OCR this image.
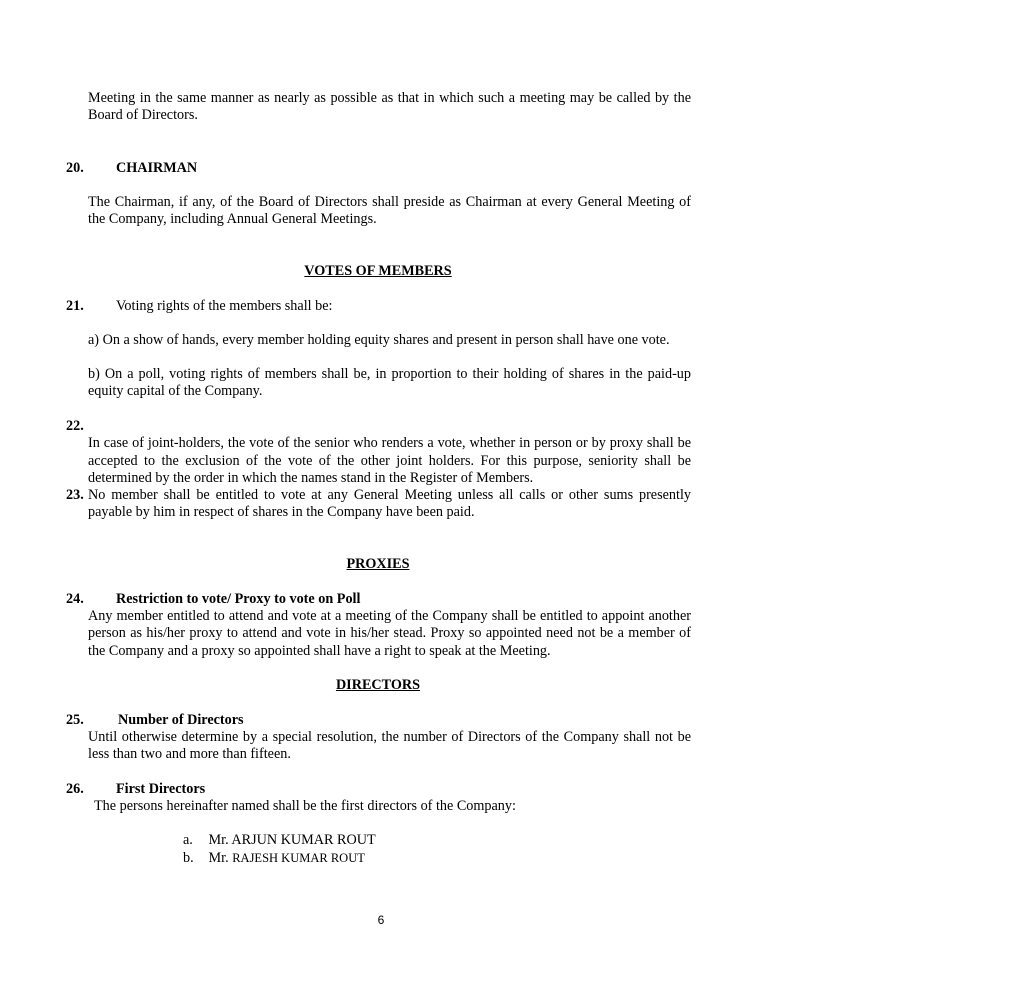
Meeting in the same manner as nearly as possible as that in which such a meeting may be called by the Board of Directors.

20. CHAIRMAN

The Chairman, if any, of the Board of Directors shall preside as Chairman at every General Meeting of the Company, including Annual General Meetings.

VOTES OF MEMBERS
21. Voting rights of the members shall be:

a) On a show of hands, every member holding equity shares and present in person shall have one vote.

b) On a poll, voting rights of members shall be, in proportion to their holding of shares in the paid-up equity capital of the Company.

22.

In case of joint-holders, the vote of the senior who renders a vote, whether in person or by proxy shall be accepted to the exclusion of the vote of the other joint holders. For this purpose, seniority shall be determined by the order in which the names stand in the Register of Members.

23. No member shall be entitled to vote at any General Meeting unless all calls or other sums presently payable by him in respect of shares in the Company have been paid.

PROXIES
24. Restriction to vote/ Proxy to vote on Poll

Any member entitled to attend and vote at a meeting of the Company shall be entitled to appoint another person as his/her proxy to attend and vote in his/her stead. Proxy so appointed need not be a member of the Company and a proxy so appointed shall have a right to speak at the Meeting.

DIRECTORS
25. Number of Directors

Until otherwise determine by a special resolution, the number of Directors of the Company shall not be less than two and more than fifteen.

26. First Directors
The persons hereinafter named shall be the first directors of the Company:
a. Mr. ARJUN KUMAR ROUT
b. Mr. RAJESH KUMAR ROUT
6
